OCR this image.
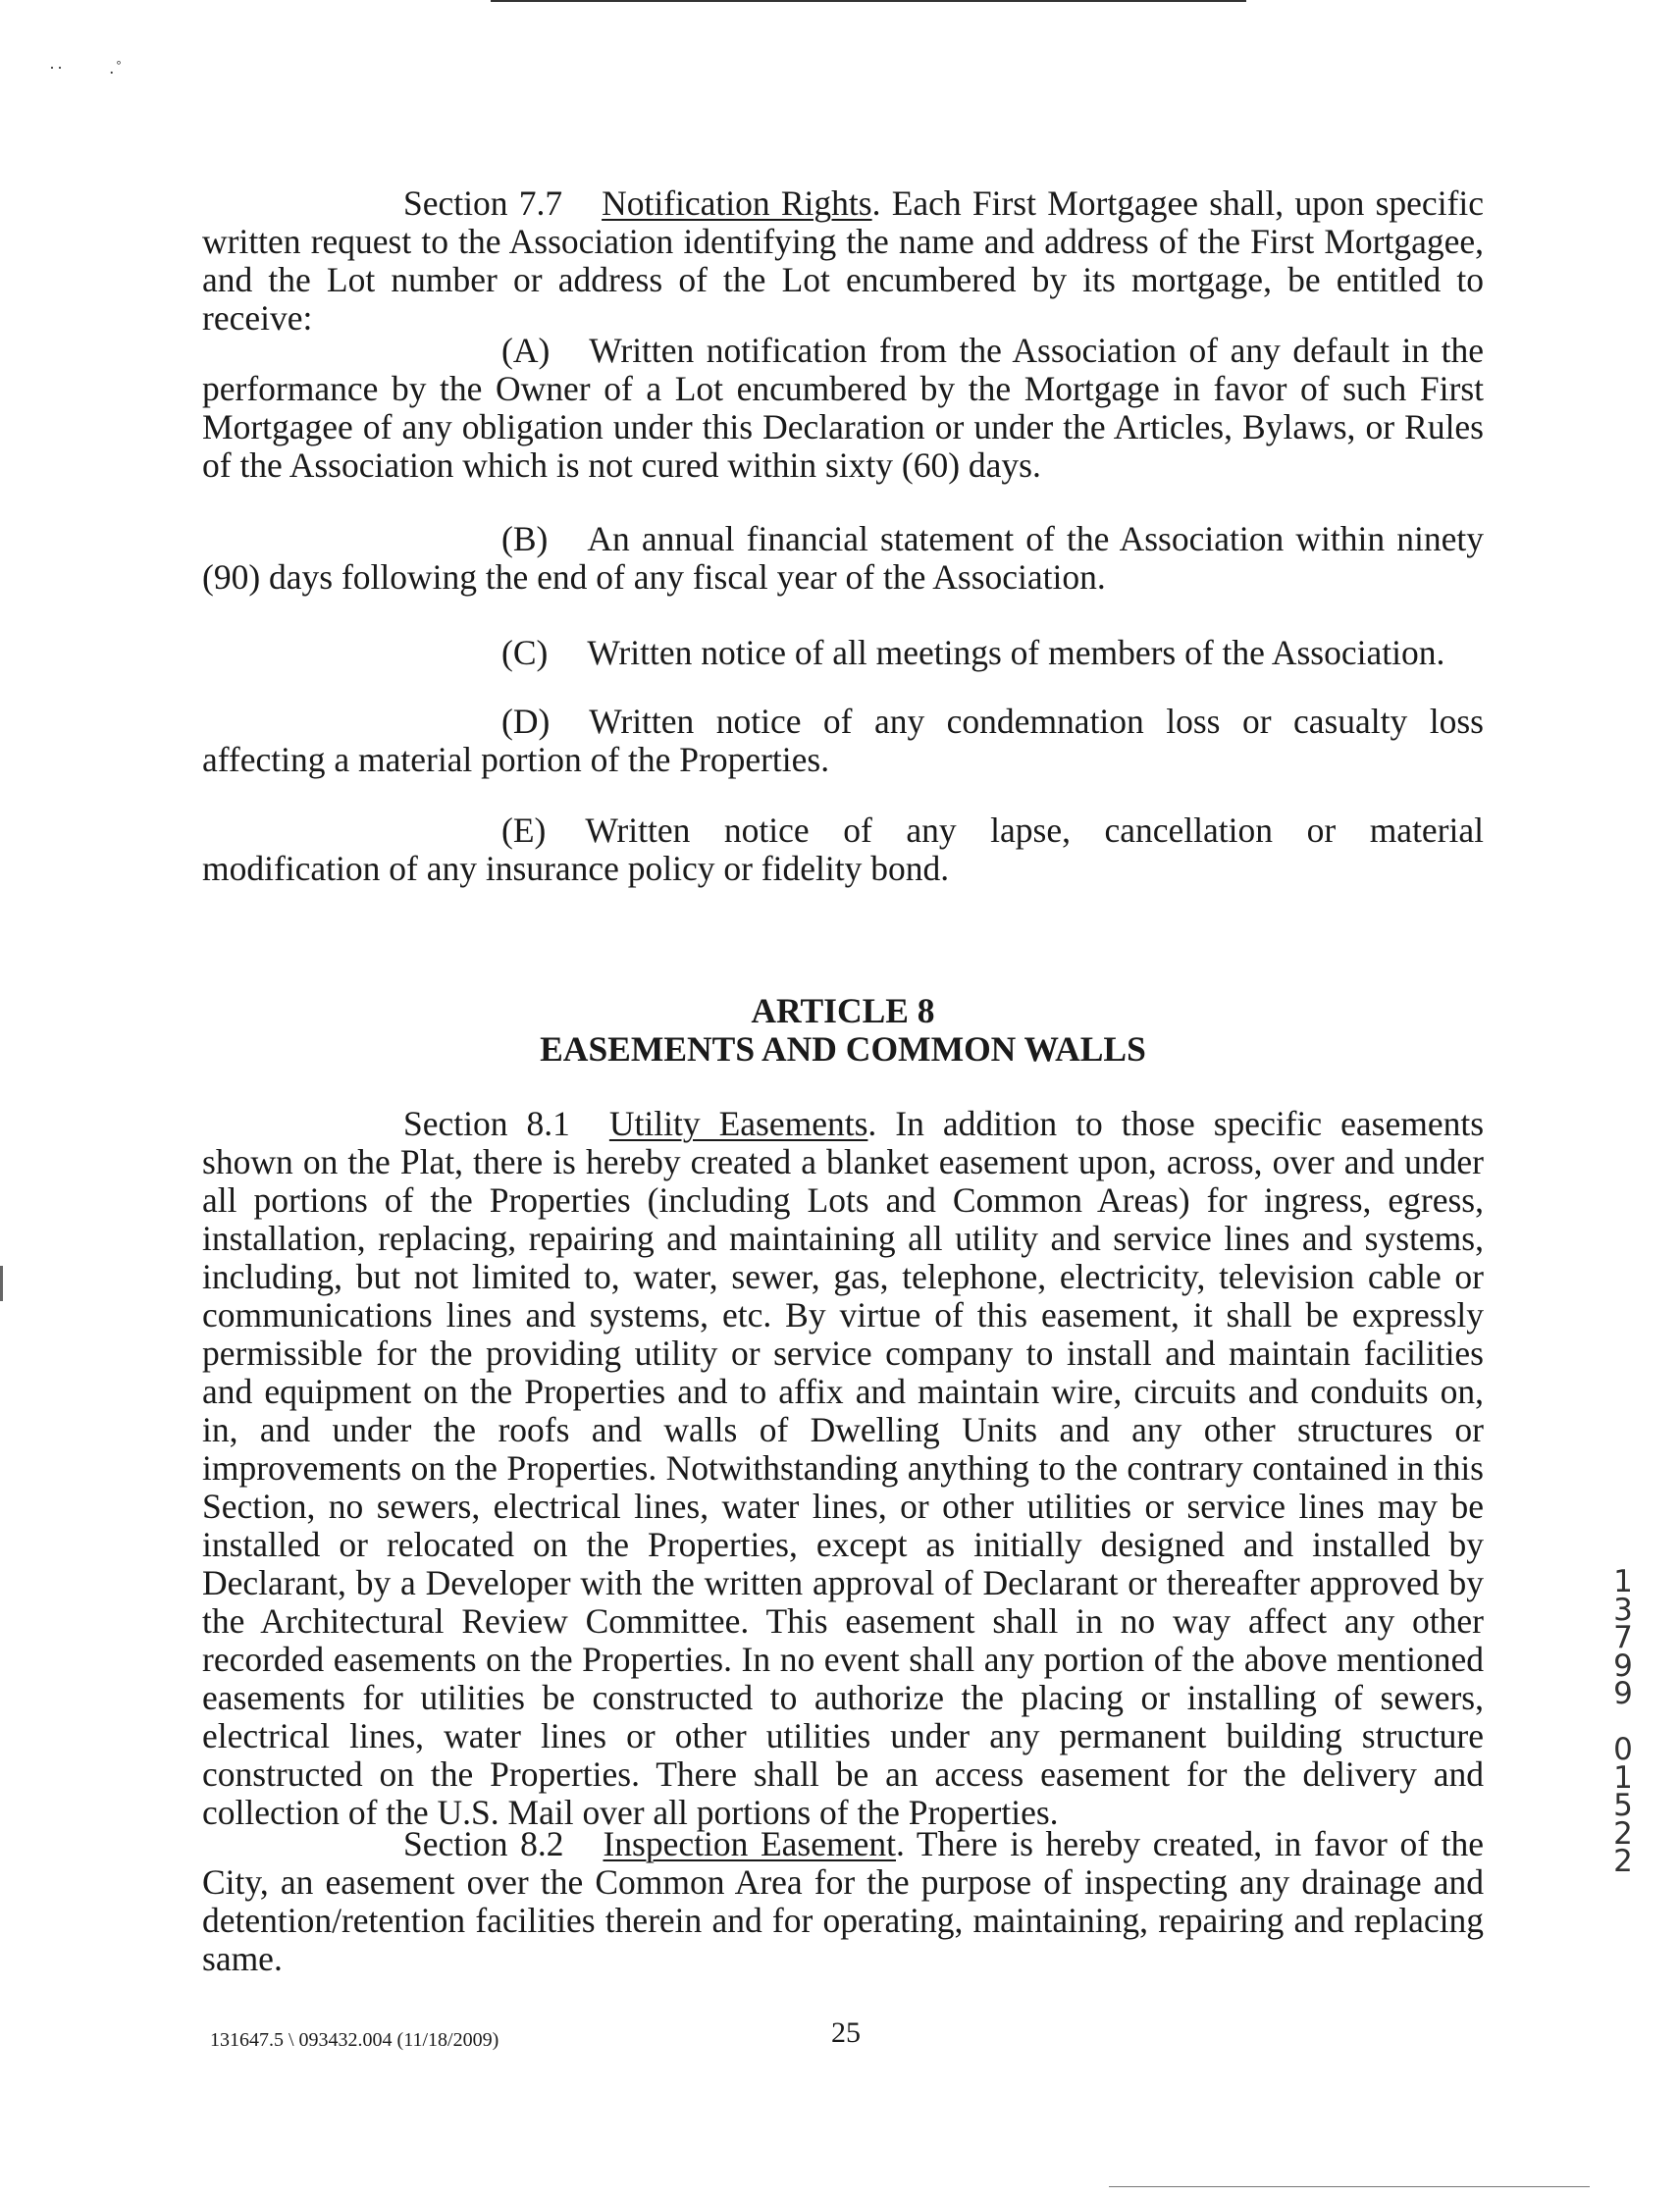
··       .˚

Section 7.7 Notification Rights. Each First Mortgagee shall, upon specific written request to the Association identifying the name and address of the First Mortgagee, and the Lot number or address of the Lot encumbered by its mortgage, be entitled to receive:

(A) Written notification from the Association of any default in the performance by the Owner of a Lot encumbered by the Mortgage in favor of such First Mortgagee of any obligation under this Declaration or under the Articles, Bylaws, or Rules of the Association which is not cured within sixty (60) days.

(B) An annual financial statement of the Association within ninety (90) days following the end of any fiscal year of the Association.

(C) Written notice of all meetings of members of the Association.

(D) Written notice of any condemnation loss or casualty loss affecting a material portion of the Properties.

(E) Written notice of any lapse, cancellation or material modification of any insurance policy or fidelity bond.

ARTICLE 8

EASEMENTS AND COMMON WALLS

Section 8.1 Utility Easements. In addition to those specific easements shown on the Plat, there is hereby created a blanket easement upon, across, over and under all portions of the Properties (including Lots and Common Areas) for ingress, egress, installation, replacing, repairing and maintaining all utility and service lines and systems, including, but not limited to, water, sewer, gas, telephone, electricity, television cable or communications lines and systems, etc. By virtue of this easement, it shall be expressly permissible for the providing utility or service company to install and maintain facilities and equipment on the Properties and to affix and maintain wire, circuits and conduits on, in, and under the roofs and walls of Dwelling Units and any other structures or improvements on the Properties. Notwithstanding anything to the contrary contained in this Section, no sewers, electrical lines, water lines, or other utilities or service lines may be installed or relocated on the Properties, except as initially designed and installed by Declarant, by a Developer with the written approval of Declarant or thereafter approved by the Architectural Review Committee. This easement shall in no way affect any other recorded easements on the Properties. In no event shall any portion of the above mentioned easements for utilities be constructed to authorize the placing or installing of sewers, electrical lines, water lines or other utilities under any permanent building structure constructed on the Properties. There shall be an access easement for the delivery and collection of the U.S. Mail over all portions of the Properties.

Section 8.2 Inspection Easement. There is hereby created, in favor of the City, an easement over the Common Area for the purpose of inspecting any drainage and detention/retention facilities therein and for operating, maintaining, repairing and replacing same.

131647.5 \ 093432.004 (11/18/2009)	25
1
3
7
9
9

0
1
5
2
2
